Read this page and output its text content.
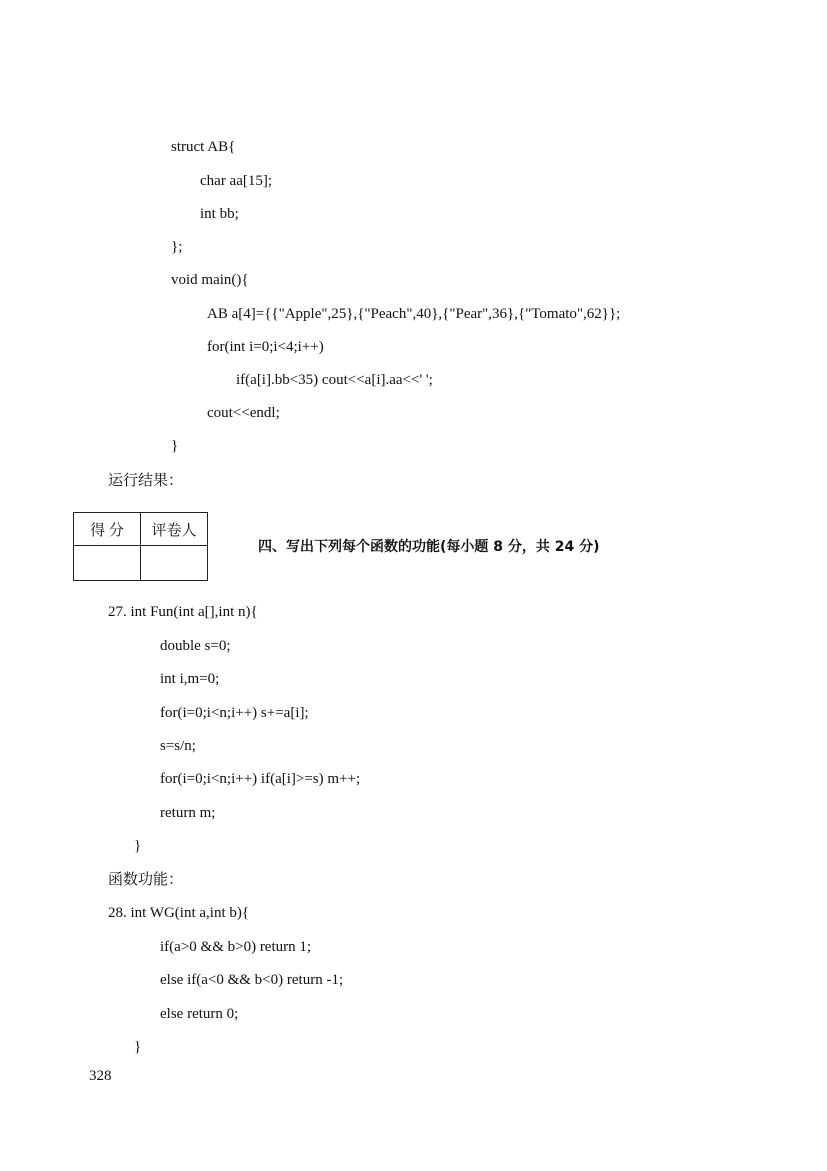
struct AB{
char aa[15];
int bb;
};
void main(){
AB a[4]={{"Apple",25},{"Peach",40},{"Pear",36},{"Tomato",62}};
for(int i=0;i<4;i++)
if(a[i].bb<35) cout<<a[i].aa<<' ';
cout<<endl;
}
运行结果：
得 分	评卷人

四、写出下列每个函数的功能(每小题 8 分，共 24 分)
27. int Fun(int a[],int n){
double s=0;
int i,m=0;
for(i=0;i<n;i++) s+=a[i];
s=s/n;
for(i=0;i<n;i++) if(a[i]>=s) m++;
return m;
}
函数功能：
28. int WG(int a,int b){
if(a>0 && b>0) return 1;
else if(a<0 && b<0) return -1;
else return 0;
}
328
